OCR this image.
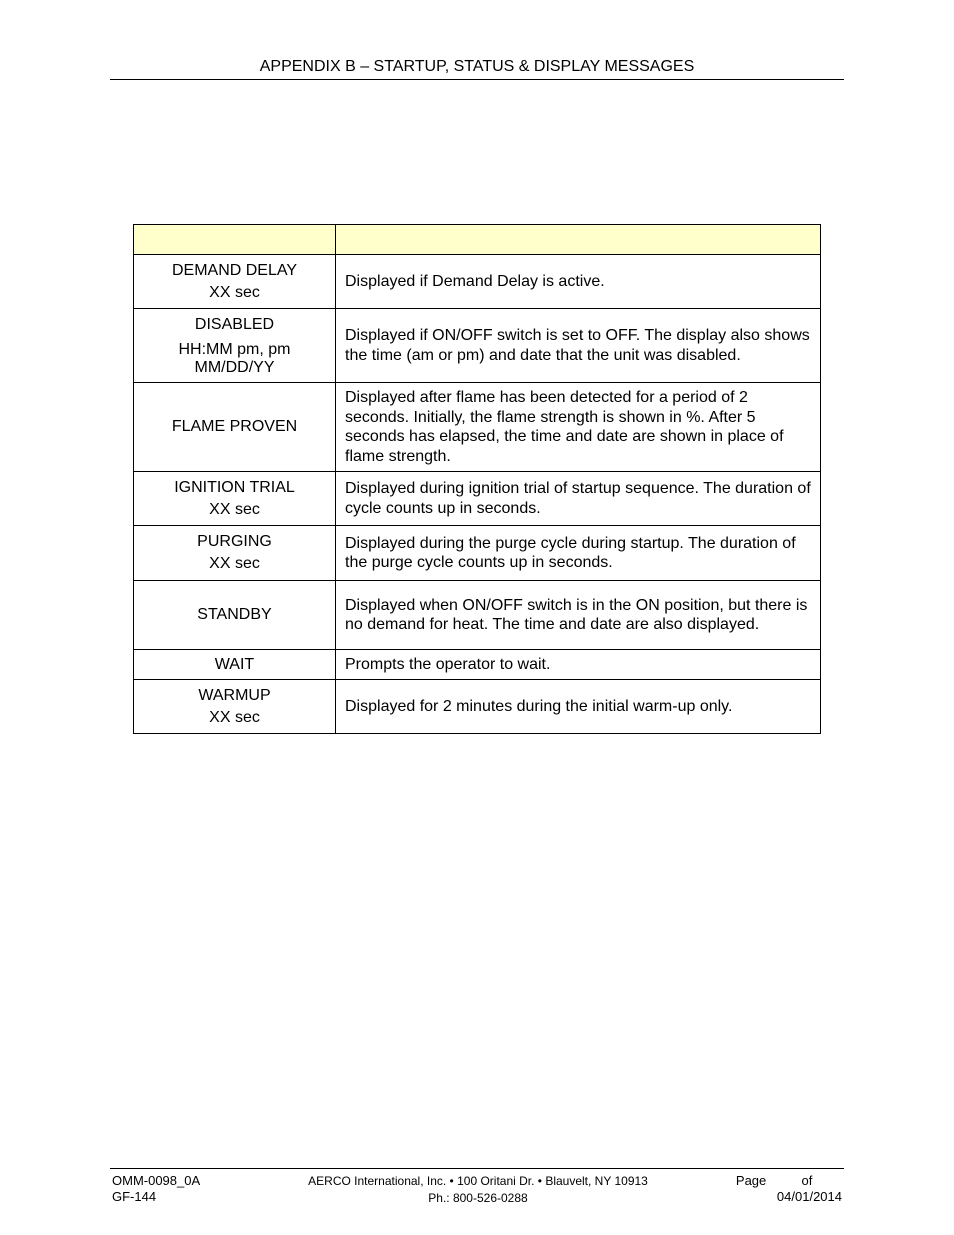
APPENDIX B – STARTUP, STATUS & DISPLAY MESSAGES

DEMAND DELAY
XX sec	Displayed if Demand Delay is active.

DISABLED
HH:MM pm, pm
MM/DD/YY	Displayed if ON/OFF switch is set to OFF. The display also shows the time (am or pm) and date that the unit was disabled.

FLAME PROVEN	Displayed after flame has been detected for a period of 2 seconds. Initially, the flame strength is shown in %. After 5 seconds has elapsed, the time and date are shown in place of flame strength.

IGNITION TRIAL
XX sec	Displayed during ignition trial of startup sequence. The duration of cycle counts up in seconds.

PURGING
XX sec	Displayed during the purge cycle during startup. The duration of the purge cycle counts up in seconds.

STANDBY	Displayed when ON/OFF switch is in the ON position, but there is no demand for heat. The time and date are also displayed.

WAIT	Prompts the operator to wait.

WARMUP
XX sec	Displayed for 2 minutes during the initial warm-up only.
OMM-0098_0A
GF-144
AERCO International, Inc. • 100 Oritani Dr. • Blauvelt, NY 10913
Ph.: 800-526-0288
Page	of
04/01/2014
